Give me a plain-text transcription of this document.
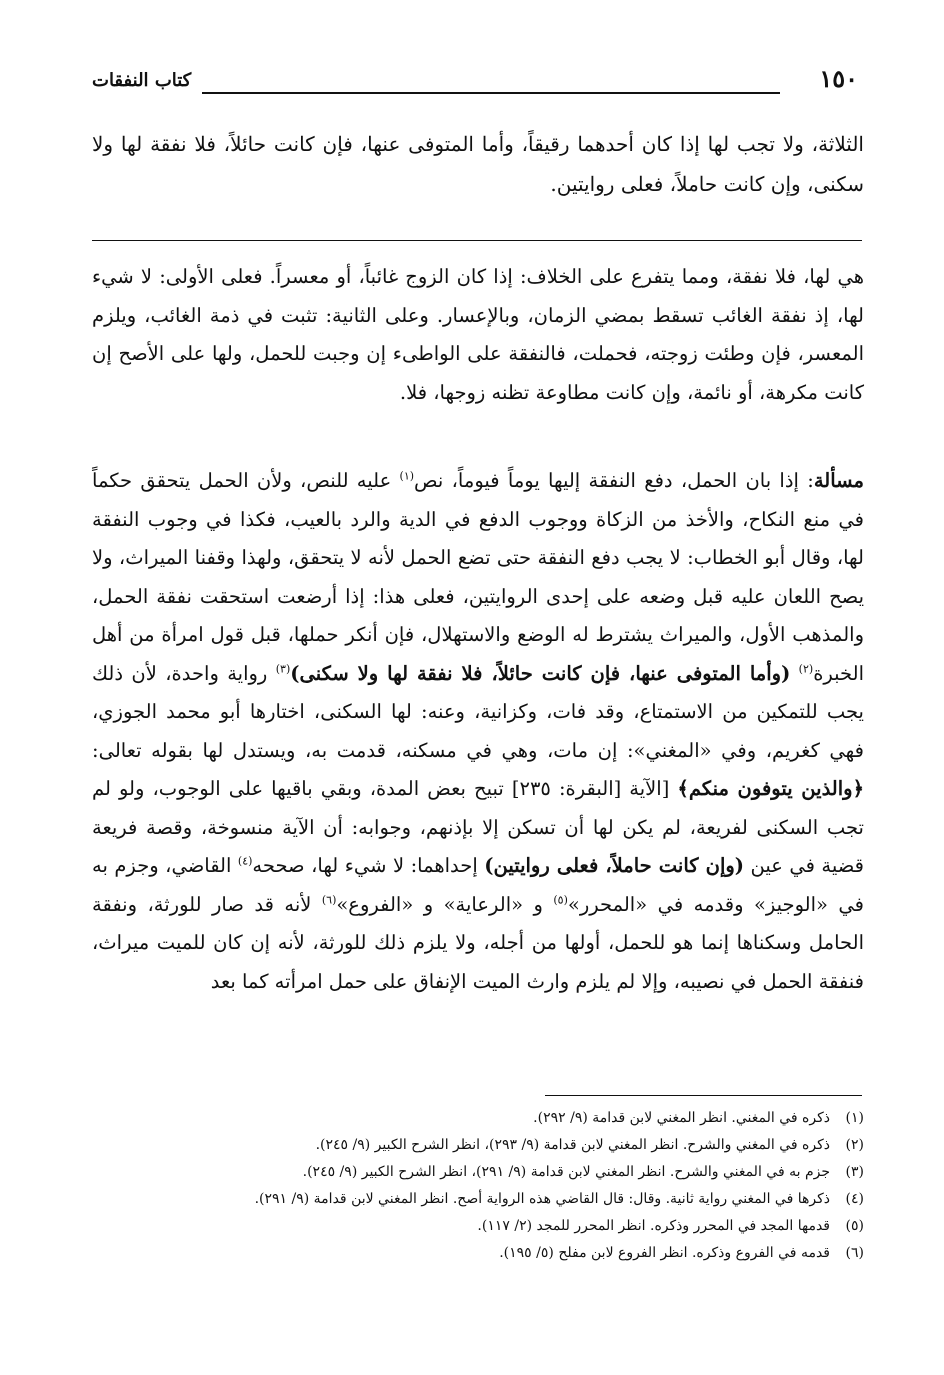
١٥٠
كتاب النفقات

الثلاثة، ولا تجب لها إذا كان أحدهما رقيقاً، وأما المتوفى عنها، فإن كانت حائلاً، فلا نفقة لها ولا سكنى، وإن كانت حاملاً، فعلى روايتين.

هي لها، فلا نفقة، ومما يتفرع على الخلاف: إذا كان الزوج غائباً، أو معسراً. فعلى الأولى: لا شيء لها، إذ نفقة الغائب تسقط بمضي الزمان، وبالإعسار. وعلى الثانية: تثبت في ذمة الغائب، ويلزم المعسر، فإن وطئت زوجته، فحملت، فالنفقة على الواطىء إن وجبت للحمل، ولها على الأصح إن كانت مكرهة، أو نائمة، وإن كانت مطاوعة تظنه زوجها، فلا.

مسألة: إذا بان الحمل، دفع النفقة إليها يوماً فيوماً، نص$^{(١)}$ عليه للنص، ولأن الحمل يتحقق حكماً في منع النكاح، والأخذ من الزكاة ووجوب الدفع في الدية والرد بالعيب، فكذا في وجوب النفقة لها، وقال أبو الخطاب: لا يجب دفع النفقة حتى تضع الحمل لأنه لا يتحقق، ولهذا وقفنا الميراث، ولا يصح اللعان عليه قبل وضعه على إحدى الروايتين، فعلى هذا: إذا أرضعت استحقت نفقة الحمل، والمذهب الأول، والميراث يشترط له الوضع والاستهلال، فإن أنكر حملها، قبل قول امرأة من أهل الخبرة$^{(٢)}$ (وأما المتوفى عنها، فإن كانت حائلاً، فلا نفقة لها ولا سكنى)$^{(٣)}$ رواية واحدة، لأن ذلك يجب للتمكين من الاستمتاع، وقد فات، وكزانية، وعنه: لها السكنى، اختارها أبو محمد الجوزي، فهي كغريم، وفي «المغني»: إن مات، وهي في مسكنه، قدمت به، ويستدل لها بقوله تعالى: ﴿والذين يتوفون منكم﴾ [الآية [البقرة: ٢٣٥] تبيح بعض المدة، وبقي باقيها على الوجوب، ولو لم تجب السكنى لفريعة، لم يكن لها أن تسكن إلا بإذنهم، وجوابه: أن الآية منسوخة، وقصة فريعة قضية في عين (وإن كانت حاملاً، فعلى روايتين) إحداهما: لا شيء لها، صححه$^{(٤)}$ القاضي، وجزم به في «الوجيز» وقدمه في «المحرر»$^{(٥)}$ و «الرعاية» و «الفروع»$^{(٦)}$ لأنه قد صار للورثة، ونفقة الحامل وسكناها إنما هو للحمل، أولها من أجله، ولا يلزم ذلك للورثة، لأنه إن كان للميت ميراث، فنفقة الحمل في نصيبه، وإلا لم يلزم وارث الميت الإنفاق على حمل امرأته كما بعد

(١)
ذكره في المغني. انظر المغني لابن قدامة (٩/ ٢٩٢).
(٢)
ذكره في المغني والشرح. انظر المغني لابن قدامة (٩/ ٢٩٣)، انظر الشرح الكبير (٩/ ٢٤٥).
(٣)
جزم به في المغني والشرح. انظر المغني لابن قدامة (٩/ ٢٩١)، انظر الشرح الكبير (٩/ ٢٤٥).
(٤)
ذكرها في المغني رواية ثانية. وقال: قال القاضي هذه الرواية أصح. انظر المغني لابن قدامة (٩/ ٢٩١).
(٥)
قدمها المجد في المحرر وذكره. انظر المحرر للمجد (٢/ ١١٧).
(٦)
قدمه في الفروع وذكره. انظر الفروع لابن مفلح (٥/ ١٩٥).
